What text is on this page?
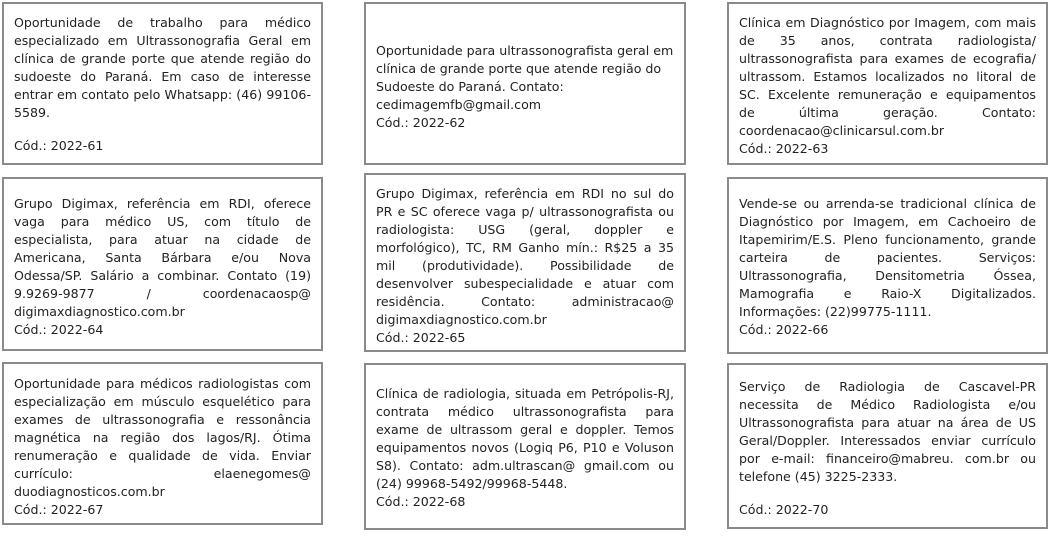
Oportunidade de trabalho para médico especializado em Ultrassonografia Geral em clínica de grande porte que atende região do sudoeste do Paraná. Em caso de interesse entrar em contato pelo Whatsapp: (46) 99106-5589.
Cód.: 2022-61
Grupo Digimax, referência em RDI, oferece vaga para médico US, com título de especialista, para atuar na cidade de Americana, Santa Bárbara e/ou Nova Odessa/SP. Salário a combinar. Contato (19) 9.9269-9877 / coordenacaosp@ digimaxdiagnostico.com.br
Cód.: 2022-64
Oportunidade para médicos radiologistas com especialização em músculo esquelético para exames de ultrassonografia e ressonância magnética na região dos lagos/RJ. Ótima renumeração e qualidade de vida. Enviar currículo: elaenegomes@ duodiagnosticos.com.br
Cód.: 2022-67
Oportunidade para ultrassonografista geral em clínica de grande porte que atende região do Sudoeste do Paraná. Contato: cedimagemfb@gmail.com
Cód.: 2022-62
Grupo Digimax, referência em RDI no sul do PR e SC oferece vaga p/ ultrassonografista ou radiologista: USG (geral, doppler e morfológico), TC, RM Ganho mín.: R$25 a 35 mil (produtividade). Possibilidade de desenvolver subespecialidade e atuar com residência. Contato: administracao@ digimaxdiagnostico.com.br
Cód.: 2022-65
Clínica de radiologia, situada em Petrópolis-RJ, contrata médico ultrassonografista para exame de ultrassom geral e doppler. Temos equipamentos novos (Logiq P6, P10 e Voluson S8). Contato: adm.ultrascan@ gmail.com ou (24) 99968-5492/99968-5448.
Cód.: 2022-68
Clínica em Diagnóstico por Imagem, com mais de 35 anos, contrata radiologista/ ultrassonografista para exames de ecografia/ ultrassom. Estamos localizados no litoral de SC. Excelente remuneração e equipamentos de última geração. Contato: coordenacao@clinicarsul.com.br
Cód.: 2022-63
Vende-se ou arrenda-se tradicional clínica de Diagnóstico por Imagem, em Cachoeiro de Itapemirim/E.S. Pleno funcionamento, grande carteira de pacientes. Serviços: Ultrassonografia, Densitometria Óssea, Mamografia e Raio-X Digitalizados. Informações: (22)99775-1111.
Cód.: 2022-66
Serviço de Radiologia de Cascavel-PR necessita de Médico Radiologista e/ou Ultrassonografista para atuar na área de US Geral/Doppler. Interessados enviar currículo por e-mail: financeiro@mabreu. com.br ou telefone (45) 3225-2333.
Cód.: 2022-70
